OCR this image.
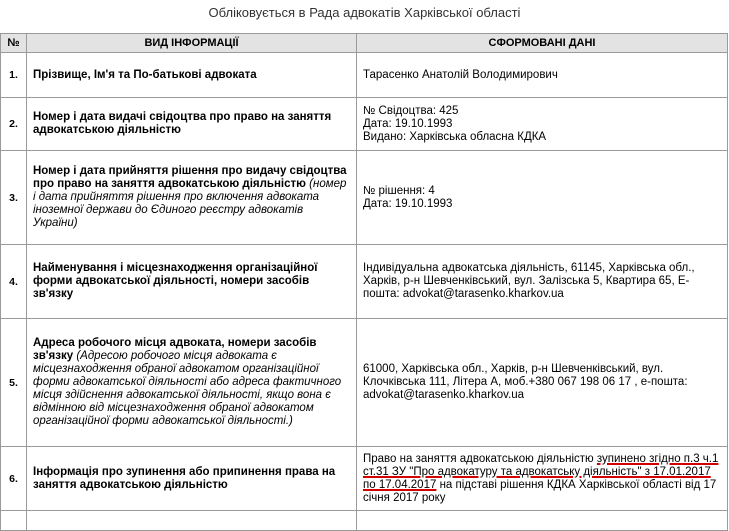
Обліковується в Рада адвокатів Харківської області
№	ВИД ІНФОРМАЦІЇ	СФОРМОВАНІ ДАНІ
1.	Прізвище, Ім'я та По-батькові адвоката	Тарасенко Анатолій Володимирович
2.	Номер і дата видачі свідоцтва про право на заняття адвокатською діяльністю	№ Свідоцтва: 425
Дата: 19.10.1993
Видано: Харківська обласна КДКА

3.	Номер і дата прийняття рішення про видачу свідоцтва про право на заняття адвокатською діяльністю (номер і дата прийняття рішення про включення адвоката іноземної держави до Єдиного реєстру адвокатів України)	№ рішення: 4
Дата: 19.10.1993

4.	Найменування і місцезнаходження організаційної форми адвокатської діяльності, номери засобів зв'язку	Індивідуальна адвокатська діяльність, 61145, Харківська обл., Харків, р-н Шевченківський, вул. Залізська 5, Квартира 65, Е-пошта: advokat@tarasenko.kharkov.ua
5.	Адреса робочого місця адвоката, номери засобів зв'язку (Адресою робочого місця адвоката є місцезнаходження обраної адвокатом організаційної форми адвокатської діяльності або адреса фактичного місця здійснення адвокатської діяльності, якщо вона є відмінною від місцезнаходження обраної адвокатом організаційної форми адвокатської діяльності.)	61000, Харківська обл., Харків, р-н Шевченківський, вул. Клочківська 111, Літера А, моб.+380 067 198 06 17 , е-пошта: advokat@tarasenko.kharkov.ua
6.	Інформація про зупинення або припинення права на заняття адвокатською діяльністю	Право на заняття адвокатською діяльністю зупинено згідно п.3 ч.1 ст.31 ЗУ "Про адвокатуру та адвокатську діяльність" з 17.01.2017 по 17.04.2017 на підставі рішення КДКА Харківської області від 17 січня 2017 року
